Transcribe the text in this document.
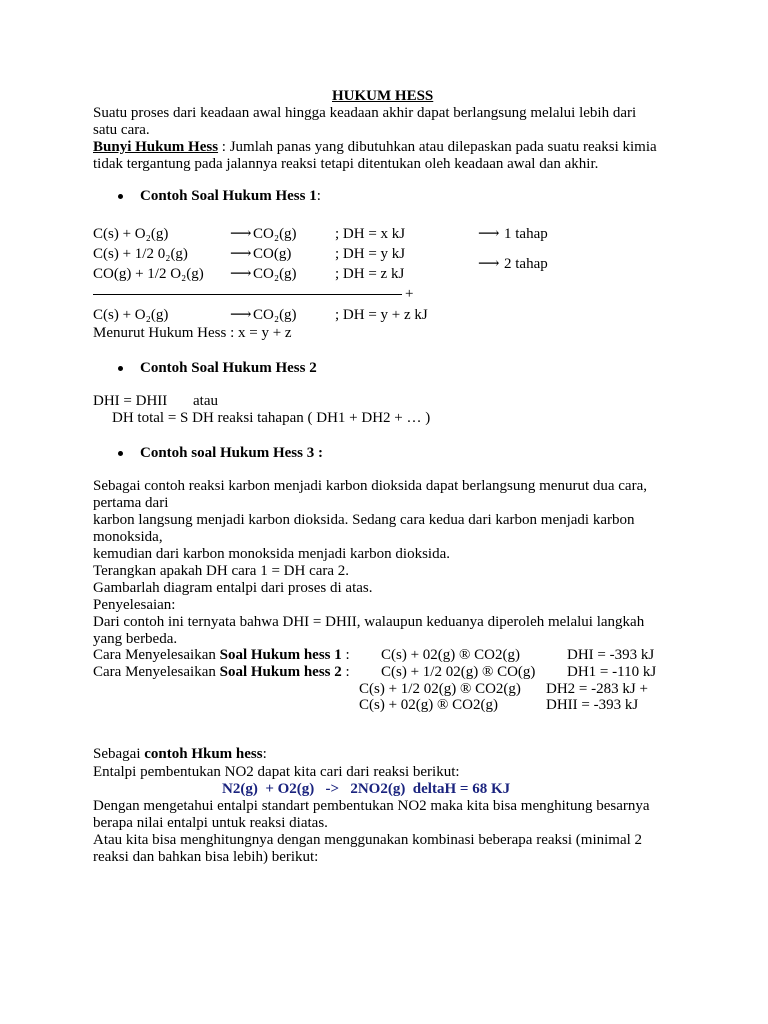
HUKUM HESS
Suatu proses dari keadaan awal hingga keadaan akhir dapat berlangsung melalui lebih dari
satu cara.
Bunyi Hukum Hess : Jumlah panas yang dibutuhkan atau dilepaskan pada suatu reaksi kimia
tidak tergantung pada jalannya reaksi tetapi ditentukan oleh keadaan awal dan akhir.
Contoh Soal Hukum Hess 1:
C(s) + O₂(g)	⟶ CO₂(g)	; DH = x kJ
C(s) + 1/2 0₂(g)	⟶ CO(g)	; DH = y kJ
CO(g) + 1/2 O₂(g) ⟶ CO₂(g)	; DH = z kJ
⟶ 1 tahap
⟶ 2 tahap
+
C(s) + O₂(g)	⟶ CO₂(g)	; DH = y + z kJ
Menurut Hukum Hess : x = y + z
Contoh Soal Hukum Hess 2
DHI = DHII atau
DH total = S DH reaksi tahapan ( DH1 + DH2 + … )
Contoh soal Hukum Hess 3 :
Sebagai contoh reaksi karbon menjadi karbon dioksida dapat berlangsung menurut dua cara,
pertama dari
karbon langsung menjadi karbon dioksida. Sedang cara kedua dari karbon menjadi karbon
monoksida,
kemudian dari karbon monoksida menjadi karbon dioksida.
Terangkan apakah DH cara 1 = DH cara 2.
Gambarlah diagram entalpi dari proses di atas.
Penyelesaian:
Dari contoh ini ternyata bahwa DHI = DHII, walaupun keduanya diperoleh melalui langkah
yang berbeda.
Cara Menyelesaikan Soal Hukum hess 1 : C(s) + 02(g) ® CO2(g)	DHI = -393 kJ
Cara Menyelesaikan Soal Hukum hess 2 : C(s) + 1/2 02(g) ® CO(g) DH1 = -110 kJ
C(s) + 1/2 02(g) ® CO2(g) DH2 = -283 kJ +
C(s) + 02(g) ® CO2(g)	DHII = -393 kJ
Sebagai contoh Hkum hess:
Entalpi pembentukan NO2 dapat kita cari dari reaksi berikut:
N2(g)  + O2(g)   ->   2NO2(g)  deltaH = 68 KJ
Dengan mengetahui entalpi standart pembentukan NO2 maka kita bisa menghitung besarnya
berapa nilai entalpi untuk reaksi diatas.
Atau kita bisa menghitungnya dengan menggunakan kombinasi beberapa reaksi (minimal 2
reaksi dan bahkan bisa lebih) berikut:
